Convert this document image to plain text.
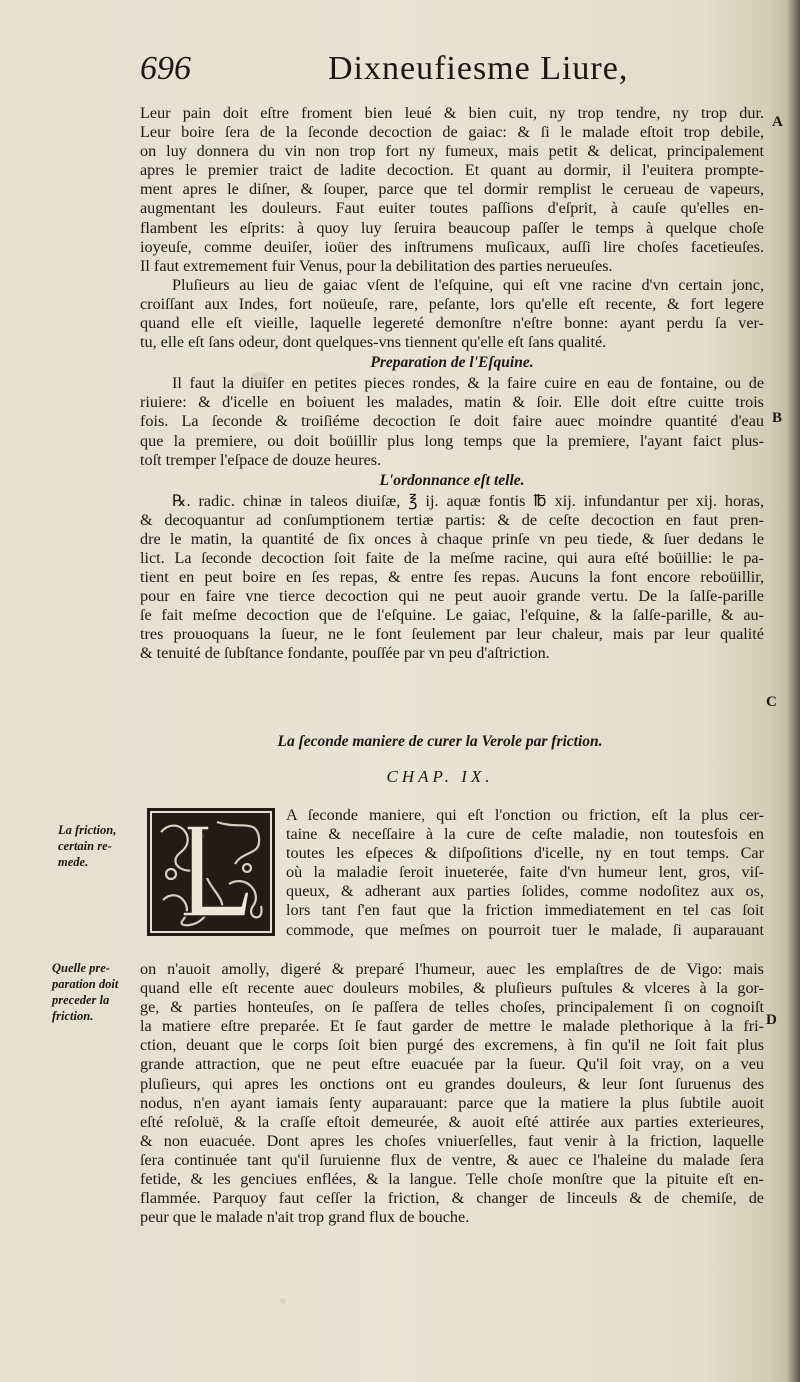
696	Dixneufiesme Liure,
Leur pain doit eſtre froment bien leué & bien cuit, ny trop tendre, ny trop dur.
Leur boire ſera de la ſeconde decoction de gaiac: & ſi le malade eſtoit trop debile,
on luy donnera du vin non trop fort ny fumeux, mais petit & delicat, principalement
apres le premier traict de ladite decoction. Et quant au dormir, il l'euitera prompte-
ment apres le diſner, & ſouper, parce que tel dormir remplist le cerueau de vapeurs,
augmentant les douleurs. Faut euiter toutes paſſions d'eſprit, à cauſe qu'elles en-
flambent les eſprits: à quoy luy ſeruira beaucoup paſſer le temps à quelque choſe
ioyeuſe, comme deuiſer, ioüer des inſtrumens muſicaux, auſſi lire choſes facetieuſes.
Il faut extremement fuir Venus, pour la debilitation des parties nerueuſes.
Pluſieurs au lieu de gaiac vſent de l'eſquine, qui eſt vne racine d'vn certain jonc,
croiſſant aux Indes, fort noüeuſe, rare, peſante, lors qu'elle eſt recente, & fort legere
quand elle eſt vieille, laquelle legereté demonſtre n'eſtre bonne: ayant perdu ſa ver-
tu, elle eſt ſans odeur, dont quelques-vns tiennent qu'elle eſt ſans qualité.
Preparation de l'Eſquine.
Il faut la diuiſer en petites pieces rondes, & la faire cuire en eau de fontaine, ou de
riuiere: & d'icelle en boiuent les malades, matin & ſoir. Elle doit eſtre cuitte trois
fois. La ſeconde & troiſiéme decoction ſe doit faire auec moindre quantité d'eau
que la premiere, ou doit boüillir plus long temps que la premiere, l'ayant faict plus-
toſt tremper l'eſpace de douze heures.
L'ordonnance eſt telle.
℞. radic. chinæ in taleos diuiſæ, ℥ ij. aquæ fontis ℔ xij. infundantur per xij. horas,
& decoquantur ad conſumptionem tertiæ partis: & de ceſte decoction en faut pren-
dre le matin, la quantité de ſix onces à chaque prinſe vn peu tiede, & ſuer dedans le
lict. La ſeconde decoction ſoit faite de la meſme racine, qui aura eſté boüillie: le pa-
tient en peut boire en ſes repas, & entre ſes repas. Aucuns la font encore reboüillir,
pour en faire vne tierce decoction qui ne peut auoir grande vertu. De la ſalſe-parille
ſe fait meſme decoction que de l'eſquine. Le gaiac, l'eſquine, & la ſalſe-parille, & au-
tres prouoquans la ſueur, ne le font ſeulement par leur chaleur, mais par leur qualité
& tenuité de ſubſtance fondante, pouſſée par vn peu d'aſtriction.
La ſeconde maniere de curer la Verole par friction.
CHAP. IX.
A ſeconde maniere, qui eſt l'onction ou friction, eſt la plus cer-
taine & neceſſaire à la cure de ceſte maladie, non toutesfois en
toutes les eſpeces & diſpoſitions d'icelle, ny en tout temps. Car
où la maladie ſeroit inueterée, faite d'vn humeur lent, gros, viſ-
queux, & adherant aux parties ſolides, comme nodoſitez aux os,
lors tant ſ'en faut que la friction immediatement en tel cas ſoit
commode, que meſmes on pourroit tuer le malade, ſi auparauant
on n'auoit amolly, digeré & preparé l'humeur, auec les emplaſtres de de Vigo: mais
quand elle eſt recente auec douleurs mobiles, & pluſieurs puſtules & vlceres à la gor-
ge, & parties honteuſes, on ſe paſſera de telles choſes, principalement ſi on cognoiſt
la matiere eſtre preparée. Et ſe faut garder de mettre le malade plethorique à la fri-
ction, deuant que le corps ſoit bien purgé des excremens, à fin qu'il ne ſoit fait plus
grande attraction, que ne peut eſtre euacuée par la ſueur. Qu'il ſoit vray, on a veu
pluſieurs, qui apres les onctions ont eu grandes douleurs, & leur ſont ſuruenus des
nodus, n'en ayant iamais ſenty auparauant: parce que la matiere la plus ſubtile auoit
eſté reſoluë, & la craſſe eſtoit demeurée, & auoit eſté attirée aux parties exterieures,
& non euacuée. Dont apres les choſes vniuerſelles, faut venir à la friction, laquelle
ſera continuée tant qu'il ſuruienne flux de ventre, & auec ce l'haleine du malade ſera
fetide, & les genciues enflées, & la langue. Telle choſe monſtre que la pituite eſt en-
flammée. Parquoy faut ceſſer la friction, & changer de linceuls & de chemiſe, de
peur que le malade n'ait trop grand flux de bouche.
La friction,
certain re-
mede.
Quelle pre-
paration doit
preceder la
friction.
A
B
C
D
